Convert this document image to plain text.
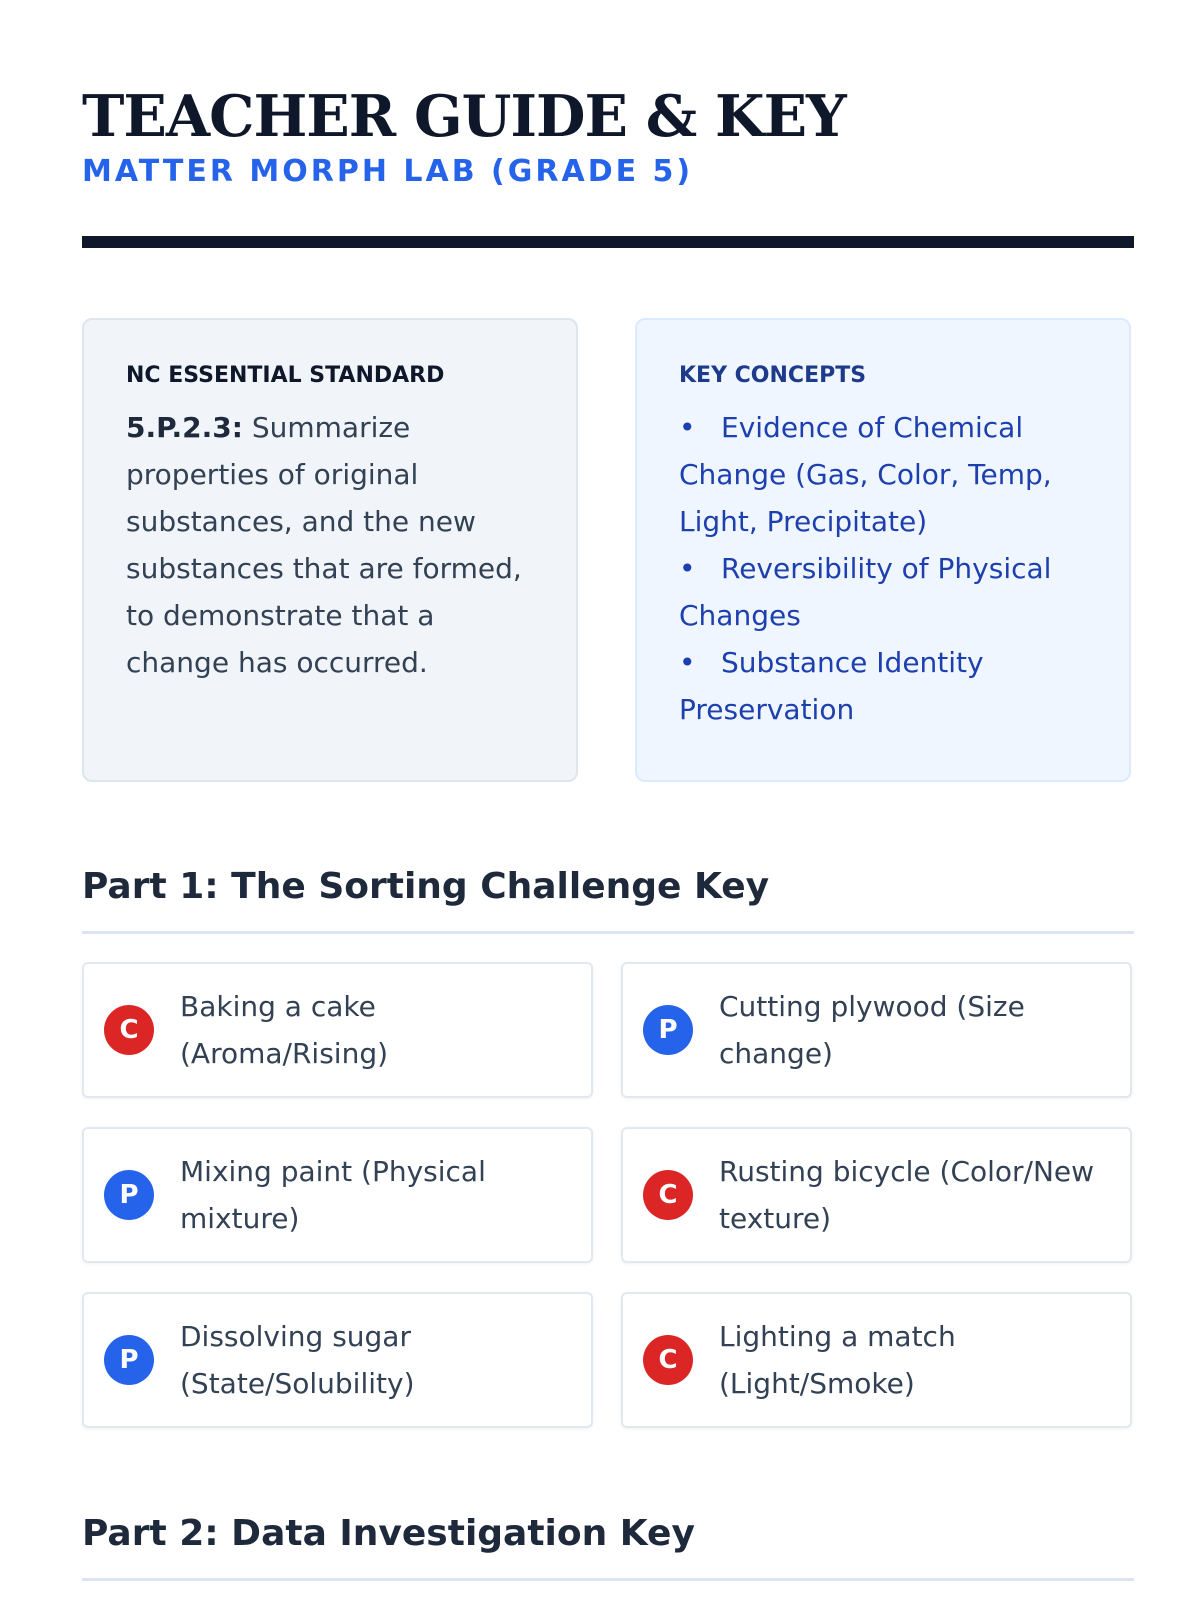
TEACHER GUIDE & KEY
MATTER MORPH LAB (GRADE 5)
NC ESSENTIAL STANDARD
5.P.2.3: Summarize properties of original substances, and the new substances that are formed, to demonstrate that a change has occurred.
KEY CONCEPTS
• Evidence of Chemical Change (Gas, Color, Temp, Light, Precipitate)
• Reversibility of Physical Changes
• Substance Identity Preservation
Part 1: The Sorting Challenge Key
C
Baking a cake (Aroma/Rising)
P
Cutting plywood (Size change)
P
Mixing paint (Physical mixture)
C
Rusting bicycle (Color/New texture)
P
Dissolving sugar (State/Solubility)
C
Lighting a match (Light/Smoke)
Part 2: Data Investigation Key
